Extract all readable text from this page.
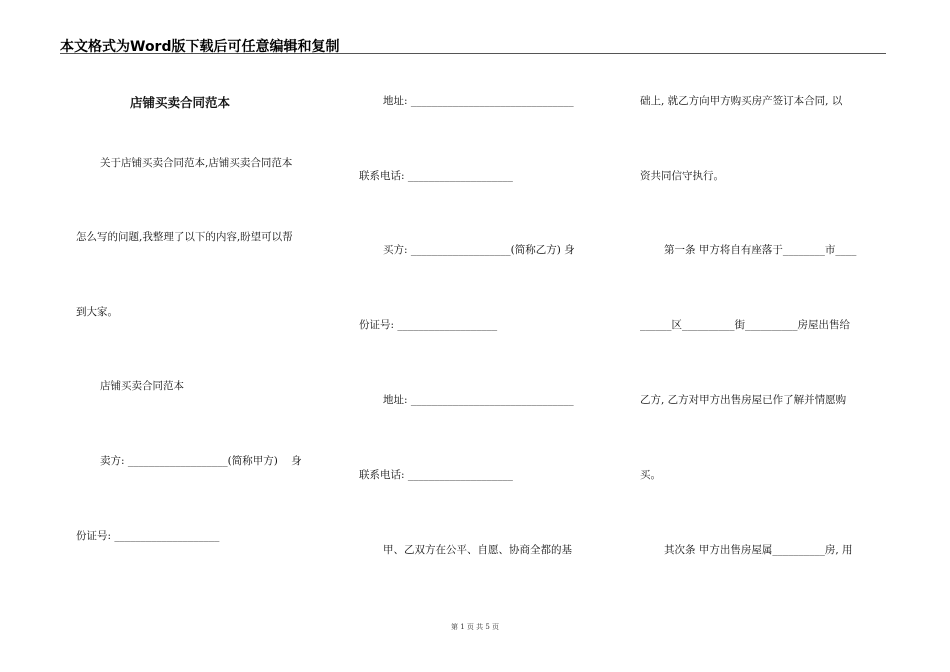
本文格式为Word版下载后可任意编辑和复制
店铺买卖合同范本
关于店铺买卖合同范本,店铺买卖合同范本
怎么写的问题,我整理了以下的内容,盼望可以帮
到大家。
店铺买卖合同范本
卖方: ___________________(简称甲方)    身
份证号: ____________________
地址: _______________________________
联系电话: ____________________
买方: ___________________(简称乙方) 身
份证号: ___________________
地址: _______________________________
联系电话: ____________________
甲、乙双方在公平、自愿、协商全都的基
础上, 就乙方向甲方购买房产签订本合同, 以
资共同信守执行。
第一条 甲方将自有座落于________市____
______区__________街__________房屋出售给
乙方, 乙方对甲方出售房屋已作了解并情愿购
买。
其次条 甲方出售房屋属__________房, 用
第 1 页 共 5 页
